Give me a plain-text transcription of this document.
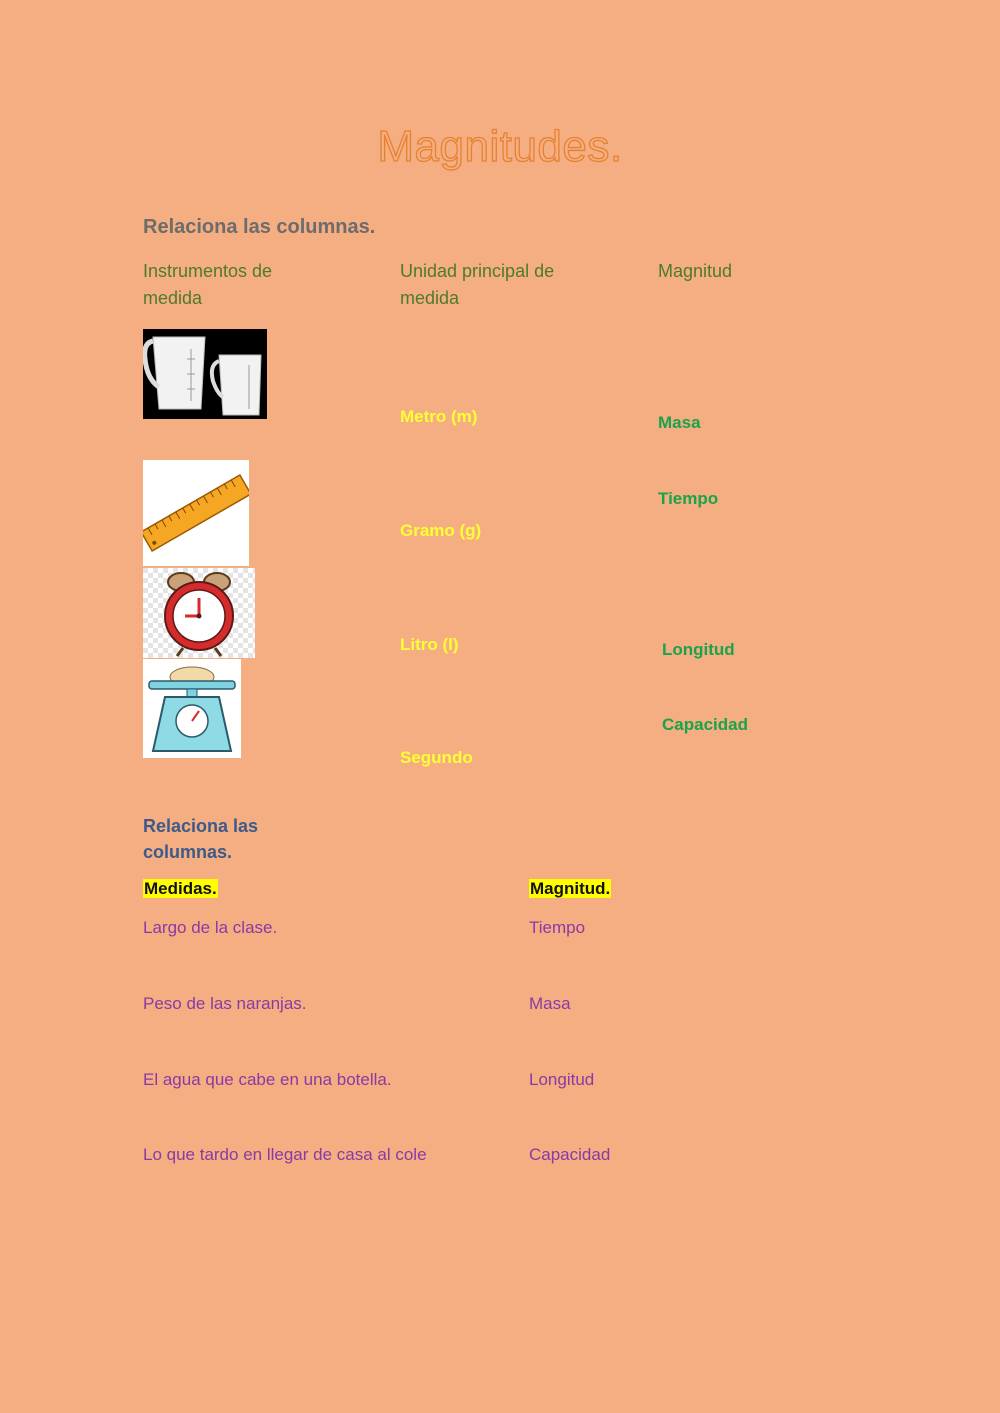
Magnitudes.
Relaciona las columnas.
Instrumentos de medida
Unidad principal de medida
Magnitud
Metro (m)
Gramo (g)
Litro (l)
Segundo
Masa
Tiempo
Longitud
Capacidad
Relaciona las columnas.
Medidas.	Magnitud.
Largo de la clase.
Peso de las naranjas.
El agua que cabe en una botella.
Lo que tardo en llegar de casa al cole
Tiempo
Masa
Longitud
Capacidad
